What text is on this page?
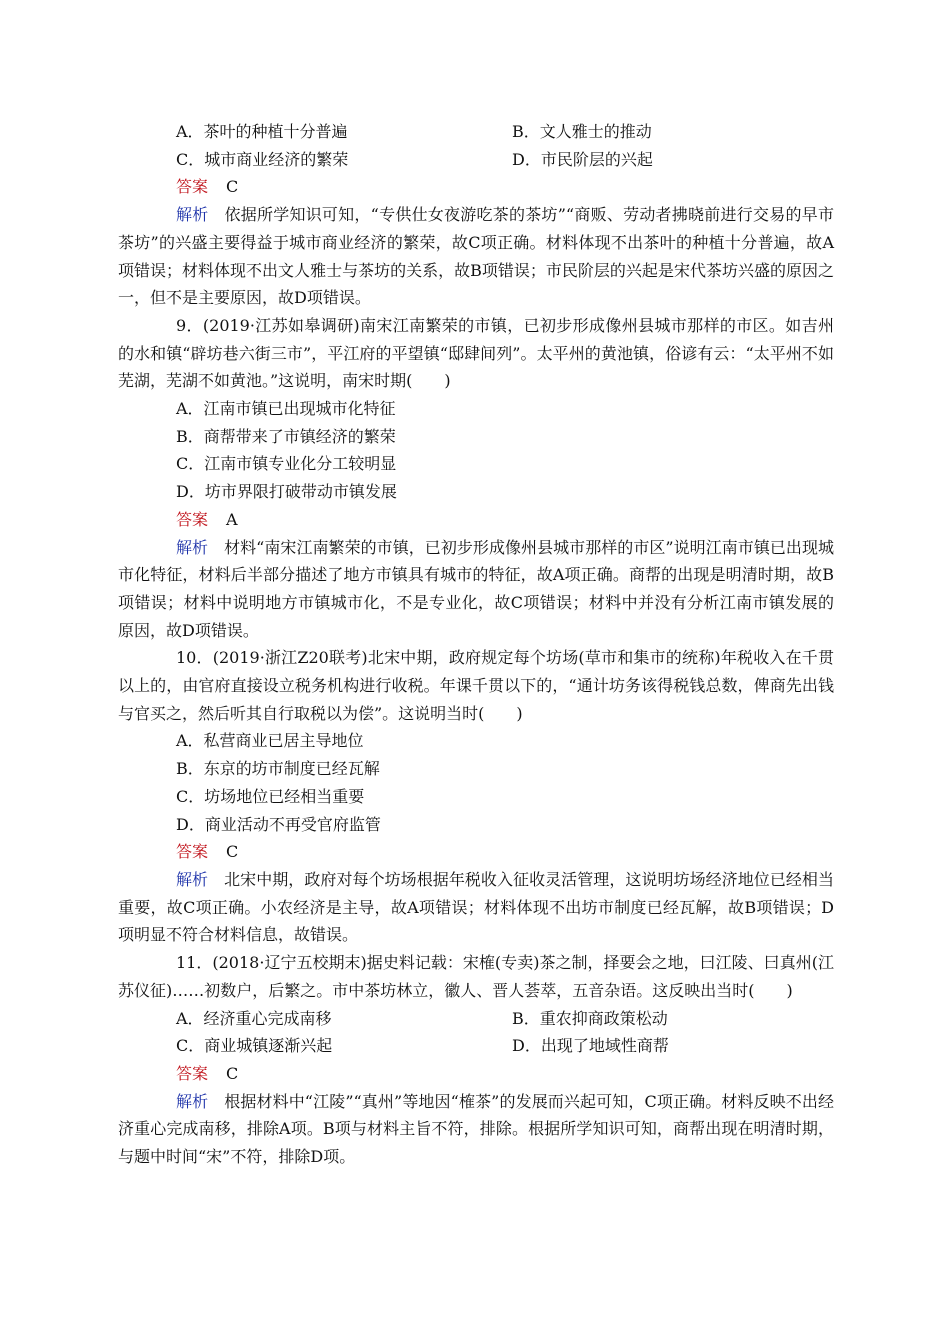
A．茶叶的种植十分普遍	B．文人雅士的推动
C．城市商业经济的繁荣	D．市民阶层的兴起
答案 C
解析 依据所学知识可知，“专供仕女夜游吃茶的茶坊”“商贩、劳动者拂晓前进行交易的早市茶坊”的兴盛主要得益于城市商业经济的繁荣，故C项正确。材料体现不出茶叶的种植十分普遍，故A项错误；材料体现不出文人雅士与茶坊的关系，故B项错误；市民阶层的兴起是宋代茶坊兴盛的原因之一，但不是主要原因，故D项错误。
9．(2019·江苏如皋调研)南宋江南繁荣的市镇，已初步形成像州县城市那样的市区。如吉州的水和镇“辟坊巷六街三市”，平江府的平望镇“邸肆间列”。太平州的黄池镇，俗谚有云：“太平州不如芜湖，芜湖不如黄池。”这说明，南宋时期(　　)
A．江南市镇已出现城市化特征
B．商帮带来了市镇经济的繁荣
C．江南市镇专业化分工较明显
D．坊市界限打破带动市镇发展
答案 A
解析 材料“南宋江南繁荣的市镇，已初步形成像州县城市那样的市区”说明江南市镇已出现城市化特征，材料后半部分描述了地方市镇具有城市的特征，故A项正确。商帮的出现是明清时期，故B项错误；材料中说明地方市镇城市化，不是专业化，故C项错误；材料中并没有分析江南市镇发展的原因，故D项错误。
10．(2019·浙江Z20联考)北宋中期，政府规定每个坊场(草市和集市的统称)年税收入在千贯以上的，由官府直接设立税务机构进行收税。年课千贯以下的，“通计坊务该得税钱总数，俾商先出钱与官买之，然后听其自行取税以为偿”。这说明当时(　　)
A．私营商业已居主导地位
B．东京的坊市制度已经瓦解
C．坊场地位已经相当重要
D．商业活动不再受官府监管
答案 C
解析 北宋中期，政府对每个坊场根据年税收入征收灵活管理，这说明坊场经济地位已经相当重要，故C项正确。小农经济是主导，故A项错误；材料体现不出坊市制度已经瓦解，故B项错误；D项明显不符合材料信息，故错误。
11．(2018·辽宁五校期末)据史料记载：宋榷(专卖)茶之制，择要会之地，曰江陵、曰真州(江苏仪征)……初数户，后繁之。市中茶坊林立，徽人、晋人荟萃，五音杂语。这反映出当时(　　)
A．经济重心完成南移	B．重农抑商政策松动
C．商业城镇逐渐兴起	D．出现了地域性商帮
答案 C
解析 根据材料中“江陵”“真州”等地因“榷茶”的发展而兴起可知，C项正确。材料反映不出经济重心完成南移，排除A项。B项与材料主旨不符，排除。根据所学知识可知，商帮出现在明清时期，与题中时间“宋”不符，排除D项。
